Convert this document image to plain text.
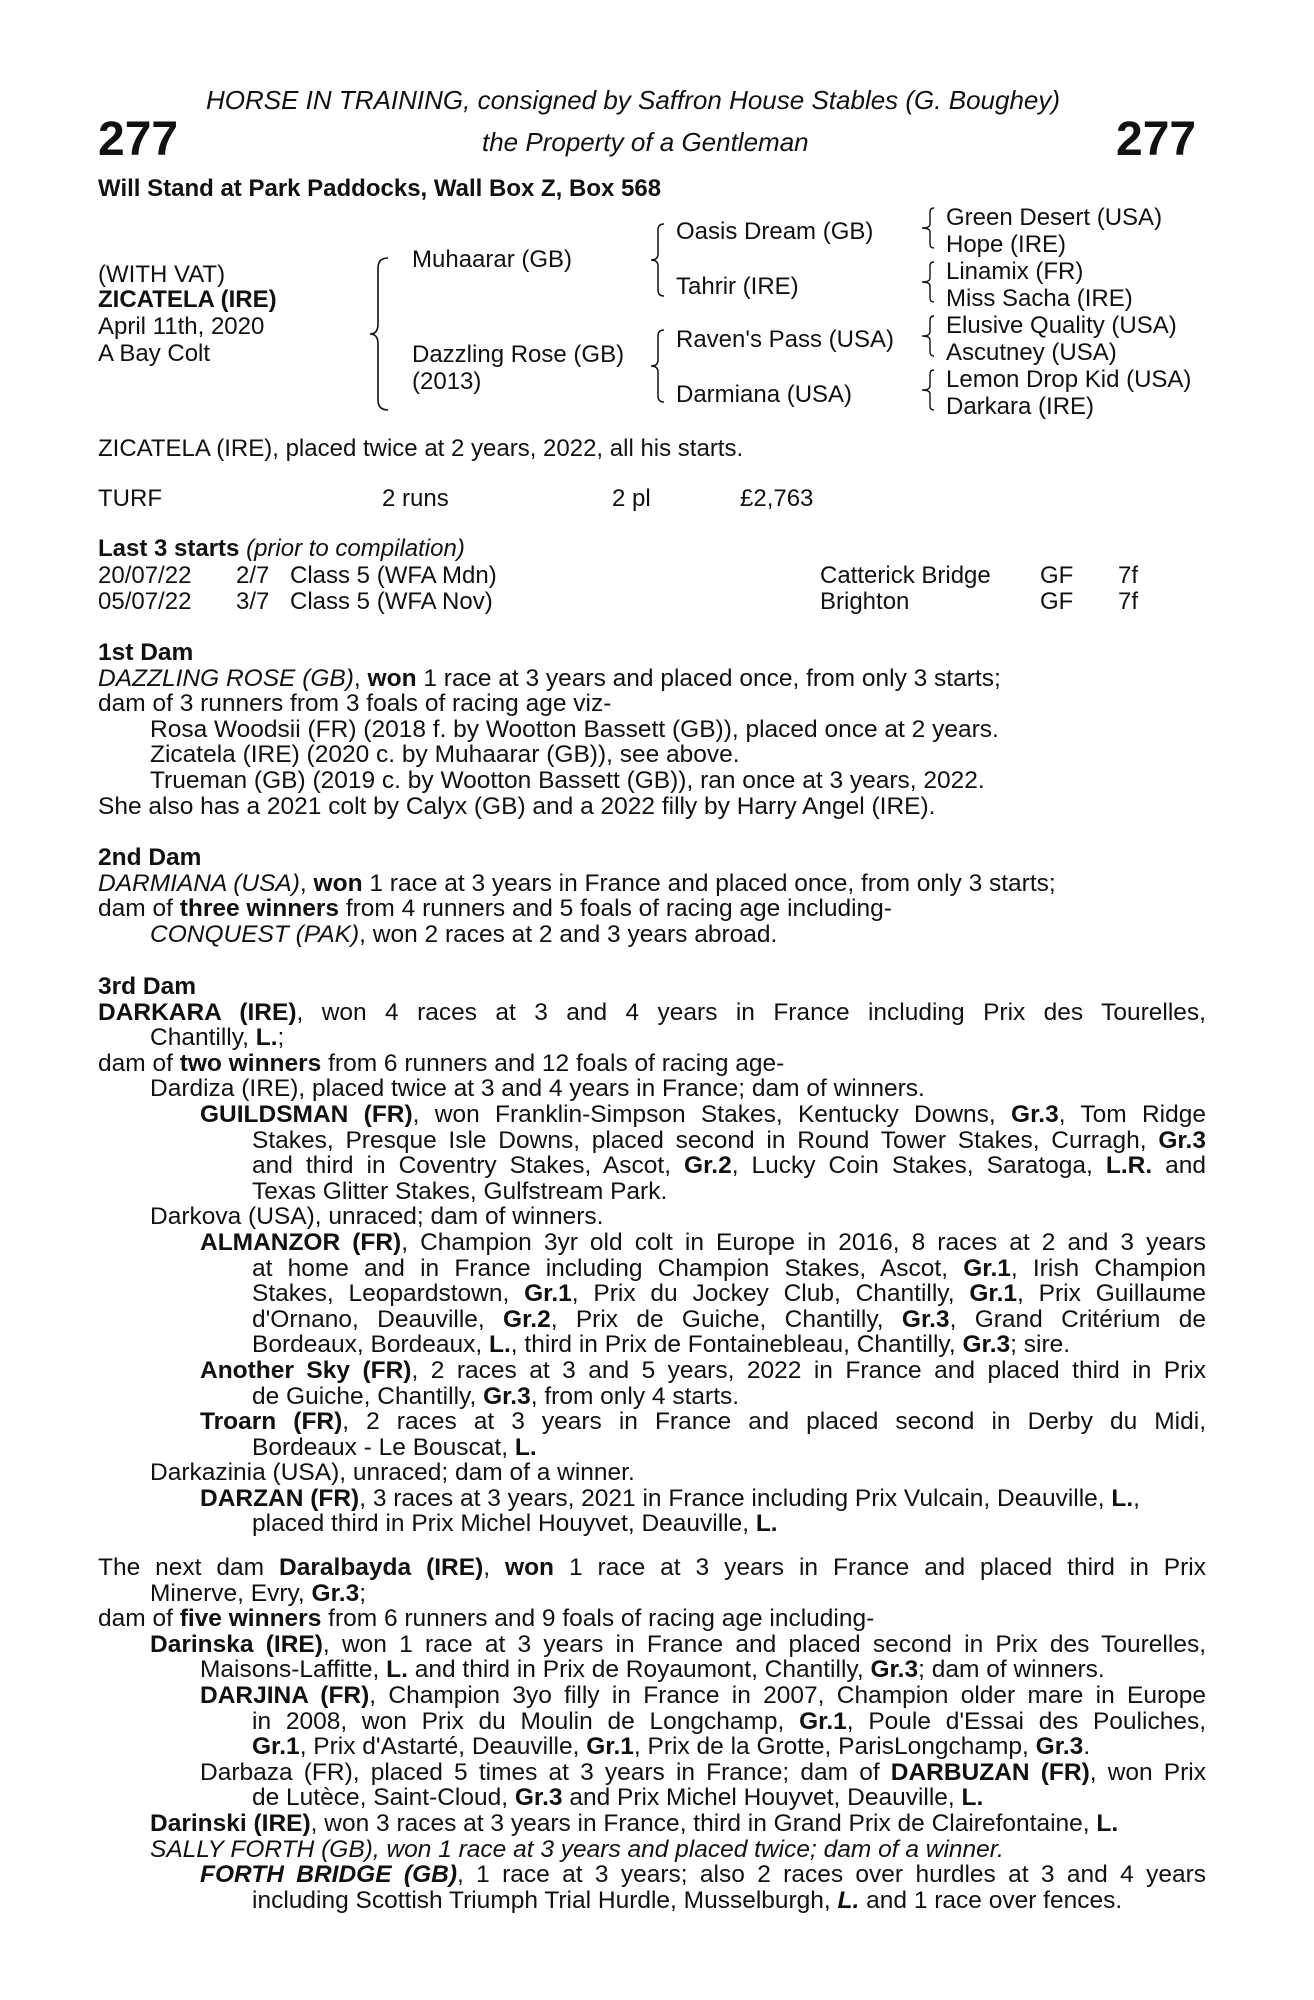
HORSE IN TRAINING, consigned by Saffron House Stables (G. Boughey)
277	the Property of a Gentleman	277
Will Stand at Park Paddocks, Wall Box Z, Box 568
(WITH VAT)
ZICATELA (IRE)
April 11th, 2020
A Bay Colt
Muhaarar (GB)
Dazzling Rose (GB)
(2013)
Oasis Dream (GB)
Tahrir (IRE)
Raven's Pass (USA)
Darmiana (USA)
Green Desert (USA)
Hope (IRE)
Linamix (FR)
Miss Sacha (IRE)
Elusive Quality (USA)
Ascutney (USA)
Lemon Drop Kid (USA)
Darkara (IRE)
ZICATELA (IRE), placed twice at 2 years, 2022, all his starts.
TURF	2 runs	2 pl	£2,763
Last 3 starts (prior to compilation)
20/07/22 2/7 Class 5 (WFA Mdn)	Catterick Bridge GF 7f
05/07/22 3/7 Class 5 (WFA Nov)	Brighton	GF 7f
1st Dam
DAZZLING ROSE (GB), won 1 race at 3 years and placed once, from only 3 starts;
dam of 3 runners from 3 foals of racing age viz-
Rosa Woodsii (FR) (2018 f. by Wootton Bassett (GB)), placed once at 2 years.
Zicatela (IRE) (2020 c. by Muhaarar (GB)), see above.
Trueman (GB) (2019 c. by Wootton Bassett (GB)), ran once at 3 years, 2022.
She also has a 2021 colt by Calyx (GB) and a 2022 filly by Harry Angel (IRE).
2nd Dam
DARMIANA (USA), won 1 race at 3 years in France and placed once, from only 3 starts;
dam of three winners from 4 runners and 5 foals of racing age including-
CONQUEST (PAK), won 2 races at 2 and 3 years abroad.
3rd Dam
DARKARA (IRE), won 4 races at 3 and 4 years in France including Prix des Tourelles,
Chantilly, L.;
dam of two winners from 6 runners and 12 foals of racing age-
Dardiza (IRE), placed twice at 3 and 4 years in France; dam of winners.
GUILDSMAN (FR), won Franklin-Simpson Stakes, Kentucky Downs, Gr.3, Tom Ridge
Stakes, Presque Isle Downs, placed second in Round Tower Stakes, Curragh, Gr.3
and third in Coventry Stakes, Ascot, Gr.2, Lucky Coin Stakes, Saratoga, L.R. and
Texas Glitter Stakes, Gulfstream Park.
Darkova (USA), unraced; dam of winners.
ALMANZOR (FR), Champion 3yr old colt in Europe in 2016, 8 races at 2 and 3 years
at home and in France including Champion Stakes, Ascot, Gr.1, Irish Champion
Stakes, Leopardstown, Gr.1, Prix du Jockey Club, Chantilly, Gr.1, Prix Guillaume
d'Ornano, Deauville, Gr.2, Prix de Guiche, Chantilly, Gr.3, Grand Critérium de
Bordeaux, Bordeaux, L., third in Prix de Fontainebleau, Chantilly, Gr.3; sire.
Another Sky (FR), 2 races at 3 and 5 years, 2022 in France and placed third in Prix
de Guiche, Chantilly, Gr.3, from only 4 starts.
Troarn (FR), 2 races at 3 years in France and placed second in Derby du Midi,
Bordeaux - Le Bouscat, L.
Darkazinia (USA), unraced; dam of a winner.
DARZAN (FR), 3 races at 3 years, 2021 in France including Prix Vulcain, Deauville, L.,
placed third in Prix Michel Houyvet, Deauville, L.
The next dam Daralbayda (IRE), won 1 race at 3 years in France and placed third in Prix
Minerve, Evry, Gr.3;
dam of five winners from 6 runners and 9 foals of racing age including-
Darinska (IRE), won 1 race at 3 years in France and placed second in Prix des Tourelles,
Maisons-Laffitte, L. and third in Prix de Royaumont, Chantilly, Gr.3; dam of winners.
DARJINA (FR), Champion 3yo filly in France in 2007, Champion older mare in Europe
in 2008, won Prix du Moulin de Longchamp, Gr.1, Poule d'Essai des Pouliches,
Gr.1, Prix d'Astarté, Deauville, Gr.1, Prix de la Grotte, ParisLongchamp, Gr.3.
Darbaza (FR), placed 5 times at 3 years in France; dam of DARBUZAN (FR), won Prix
de Lutèce, Saint-Cloud, Gr.3 and Prix Michel Houyvet, Deauville, L.
Darinski (IRE), won 3 races at 3 years in France, third in Grand Prix de Clairefontaine, L.
SALLY FORTH (GB), won 1 race at 3 years and placed twice; dam of a winner.
FORTH BRIDGE (GB), 1 race at 3 years; also 2 races over hurdles at 3 and 4 years
including Scottish Triumph Trial Hurdle, Musselburgh, L. and 1 race over fences.
